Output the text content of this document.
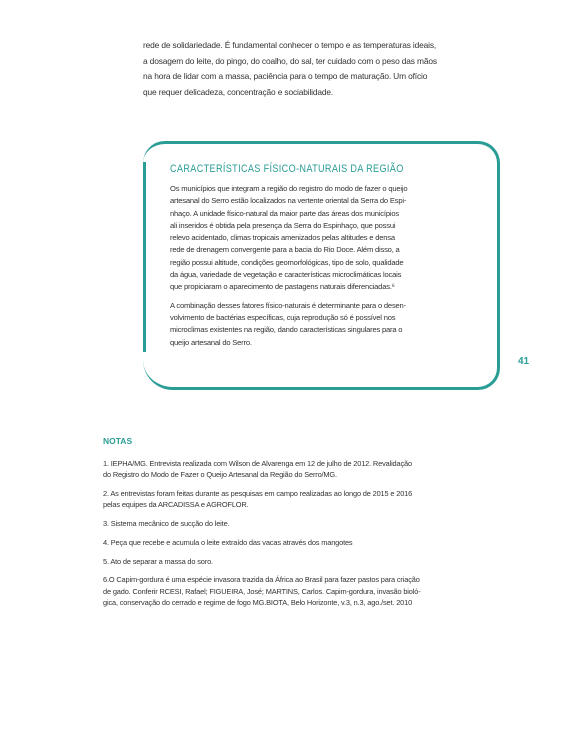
rede de solidariedade. É fundamental conhecer o tempo e as temperaturas ideais,

a dosagem do leite, do pingo, do coalho, do sal, ter cuidado com o peso das mãos

na hora de lidar com a massa, paciência para o tempo de maturação. Um ofício

que requer delicadeza, concentração e sociabilidade.

CARACTERÍSTICAS FÍSICO-NATURAIS DA REGIÃO

Os municípios que integram a região do registro do modo de fazer o queijo
artesanal do Serro estão localizados na vertente oriental da Serra do Espi-
nhaço. A unidade físico-natural da maior parte das áreas dos municípios
ali inseridos é obtida pela presença da Serra do Espinhaço, que possui
relevo acidentado, climas tropicais amenizados pelas altitudes e densa
rede de drenagem convergente para a bacia do Rio Doce. Além disso, a
região possui altitude, condições geomorfológicas, tipo de solo, qualidade
da água, variedade de vegetação e características microclimáticas locais
que propiciaram o aparecimento de pastagens naturais diferenciadas.⁶

A combinação desses fatores físico-naturais é determinante para o desen-
volvimento de bactérias específicas, cuja reprodução só é possível nos
microclimas existentes na região, dando características singulares para o
queijo artesanal do Serro.

41
NOTAS

1. IEPHA/MG. Entrevista realizada com Wilson de Alvarenga em 12 de julho de 2012. Revalidação
do Registro do Modo de Fazer o Queijo Artesanal da Região do Serro/MG.

2. As entrevistas foram feitas durante as pesquisas em campo realizadas ao longo de 2015 e 2016
pelas equipes da ARCADISSA e AGROFLOR.

3. Sistema mecânico de sucção do leite.

4. Peça que recebe e acumula o leite extraído das vacas através dos mangotes

5. Ato de separar a massa do soro.

6.O Capim-gordura é uma espécie invasora trazida da África ao Brasil para fazer pastos para criação
de gado. Conferir RCESI, Rafael; FIGUEIRA, José; MARTINS, Carlos. Capim-gordura, invasão bioló-
gica, conservação do cerrado e regime de fogo MG.BIOTA, Belo Horizonte, v.3, n.3, ago./set. 2010
